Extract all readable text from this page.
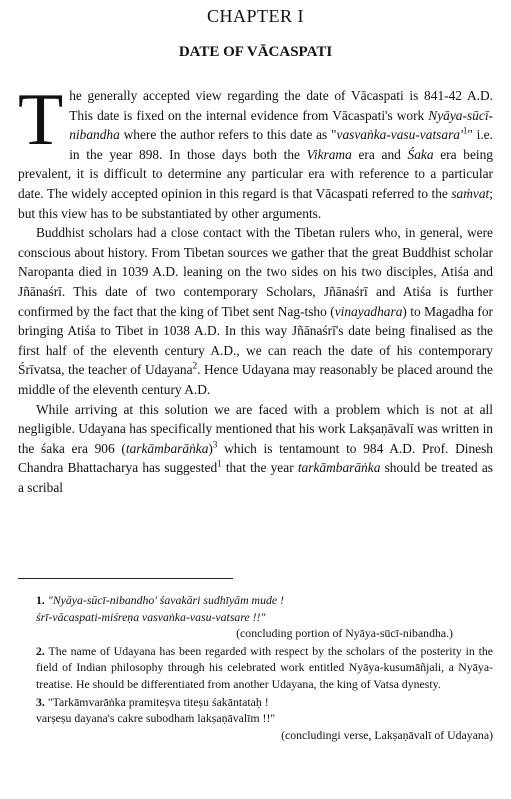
CHAPTER I
DATE OF VĀCASPATI

The generally accepted view regarding the date of Vācaspati is 841-42 A.D. This date is fixed on the internal evidence from Vācaspati's work Nyāya-sūcī-nibandha where the author refers to this date as "$vasvaṅka-vasu-vatsara'^1$" i.e. in the year 898. In those days both the Vikrama era and Śaka era being prevalent, it is difficult to determine any particular era with reference to a particular date. The widely accepted opinion in this regard is that Vācaspati referred to the saṁvat; but this view has to be substantiated by other arguments.

Buddhist scholars had a close contact with the Tibetan rulers who, in general, were conscious about history. From Tibetan sources we gather that the great Buddhist scholar Naropanta died in 1039 A.D. leaning on the two sides on his two disciples, Atiśa and Jñānaśrī. This date of two contemporary Scholars, Jñānaśrī and Atiśa is further confirmed by the fact that the king of Tibet sent Nag-tsho (vinayadhara) to Magadha for bringing Atiśa to Tibet in 1038 A.D. In this way Jñānaśrī's date being finalised as the first half of the eleventh century A.D., we can reach the date of his contemporary Śrīvatsa, the teacher of Udayana$^2$. Hence Udayana may reasonably be placed around the middle of the eleventh century A.D.

While arriving at this solution we are faced with a problem which is not at all negligible. Udayana has specifically mentioned that his work Lakṣaṇāvalī was written in the śaka era 906 (tarkāmbarāṅka)$^3$ which is tentamount to 984 A.D. Prof. Dinesh Chandra Bhattacharya has suggested$^1$ that the year tarkāmbarāṅka should be treated as a scribal

1. "Nyāya-sūcī-nibandho' śavakāri sudhīyām mude !
śrī-vācaspati-miśreṇa vasvaṅka-vasu-vatsare !!"
(concluding portion of Nyāya-sūcī-nibandha.)
2. The name of Udayana has been regarded with respect by the scholars of the posterity in the field of Indian philosophy through his celebrated work entitled Nyāya-kusumāñjali, a Nyāya-treatise. He should be differentiated from another Udayana, the king of Vatsa dynesty.
3. "Tarkāmvarāṅka pramiteṣva titeṣu śakāntataḥ !
varṣeṣu dayana's cakre subodhaṁ lakṣaṇāvalīm !!"
(concludingi verse, Lakṣaṇāvalī of Udayana)
